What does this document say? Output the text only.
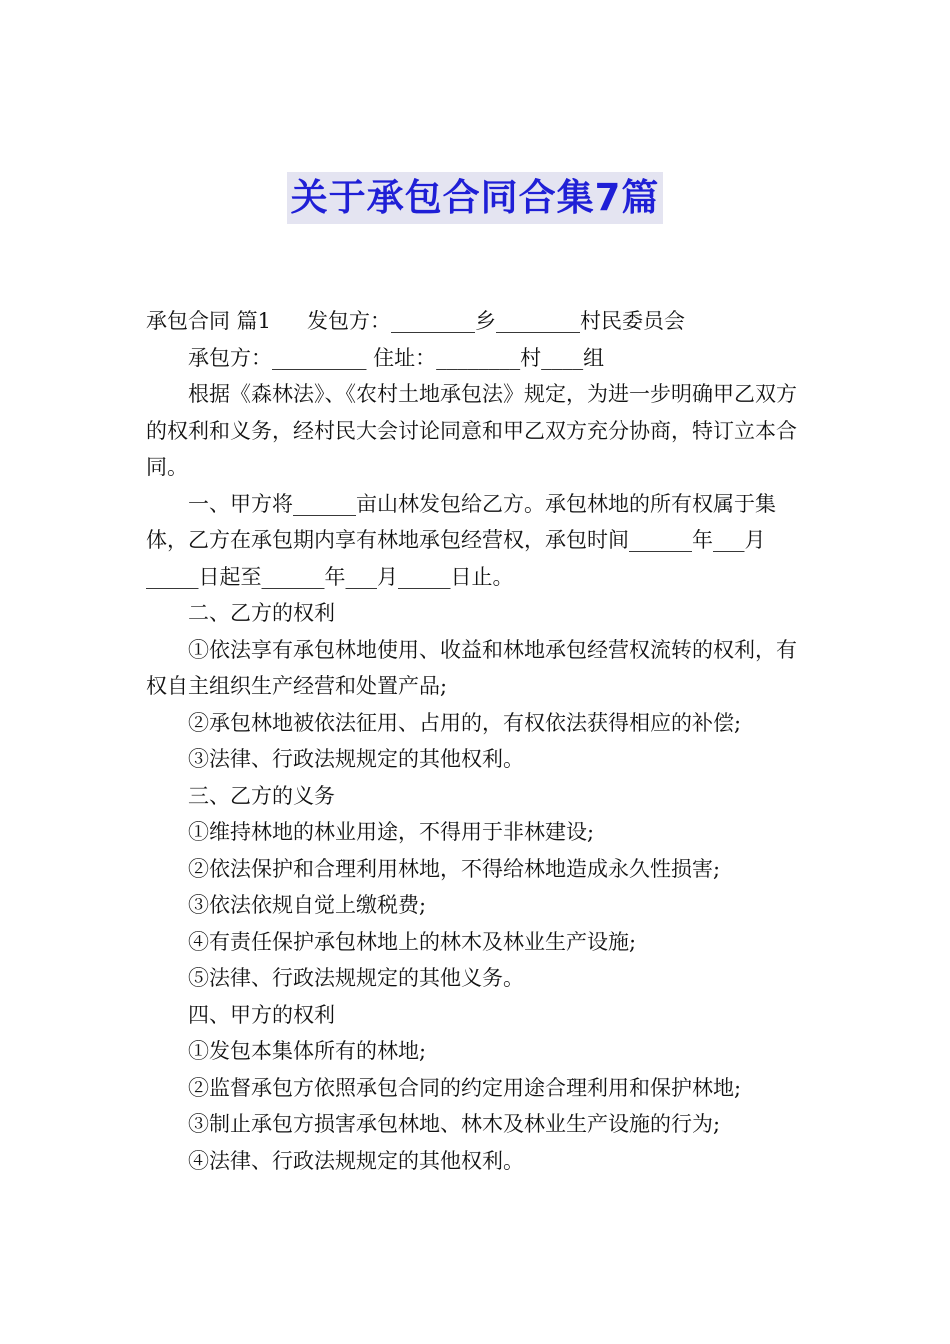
关于承包合同合集7篇

承包合同 篇1 发包方：________乡________村民委员会

承包方：_________ 住址：________村____组

根据《森林法》、《农村土地承包法》规定，为进一步明确甲乙双方的权利和义务，经村民大会讨论同意和甲乙双方充分协商，特订立本合同。

一、甲方将______亩山林发包给乙方。承包林地的所有权属于集体，乙方在承包期内享有林地承包经营权，承包时间______年___月_____日起至______年___月_____日止。

二、乙方的权利

①依法享有承包林地使用、收益和林地承包经营权流转的权利，有权自主组织生产经营和处置产品;

②承包林地被依法征用、占用的，有权依法获得相应的补偿;

③法律、行政法规规定的其他权利。

三、乙方的义务

①维持林地的林业用途，不得用于非林建设;

②依法保护和合理利用林地，不得给林地造成永久性损害;

③依法依规自觉上缴税费;

④有责任保护承包林地上的林木及林业生产设施;

⑤法律、行政法规规定的其他义务。

四、甲方的权利

①发包本集体所有的林地;

②监督承包方依照承包合同的约定用途合理利用和保护林地;

③制止承包方损害承包林地、林木及林业生产设施的行为;

④法律、行政法规规定的其他权利。
